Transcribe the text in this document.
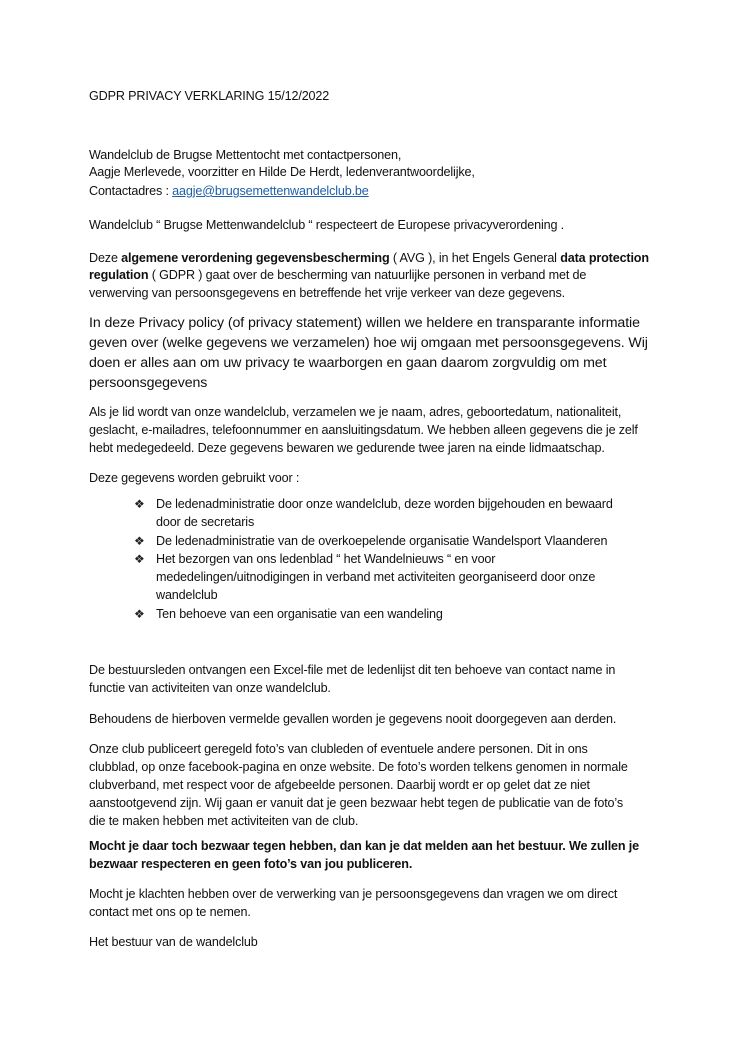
GDPR PRIVACY VERKLARING 15/12/2022
Wandelclub de Brugse Mettentocht met contactpersonen,
Aagje Merlevede, voorzitter en Hilde De Herdt, ledenverantwoordelijke,
Contactadres : aagje@brugsemettenwandelclub.be
Wandelclub “ Brugse Mettenwandelclub “ respecteert de Europese privacyverordening .
Deze algemene verordening gegevensbescherming ( AVG ), in het Engels General data protection
regulation ( GDPR ) gaat over de bescherming van natuurlijke personen in verband met de
verwerving van persoonsgegevens en betreffende het vrije verkeer van deze gegevens.
In deze Privacy policy (of privacy statement) willen we heldere en transparante informatie
geven over (welke gegevens we verzamelen) hoe wij omgaan met persoonsgegevens. Wij
doen er alles aan om uw privacy te waarborgen en gaan daarom zorgvuldig om met
persoonsgegevens
Als je lid wordt van onze wandelclub, verzamelen we je naam, adres, geboortedatum, nationaliteit,
geslacht, e-mailadres, telefoonnummer en aansluitingsdatum. We hebben alleen gegevens die je zelf
hebt medegedeeld. Deze gegevens bewaren we gedurende twee jaren na einde lidmaatschap.
Deze gegevens worden gebruikt voor :
❖ De ledenadministratie door onze wandelclub, deze worden bijgehouden en bewaard
door de secretaris
❖ De ledenadministratie van de overkoepelende organisatie Wandelsport Vlaanderen
❖ Het bezorgen van ons ledenblad “ het Wandelnieuws “ en voor
mededelingen/uitnodigingen in verband met activiteiten georganiseerd door onze
wandelclub
❖ Ten behoeve van een organisatie van een wandeling
De bestuursleden ontvangen een Excel-file met de ledenlijst dit ten behoeve van contact name in
functie van activiteiten van onze wandelclub.
Behoudens de hierboven vermelde gevallen worden je gegevens nooit doorgegeven aan derden.
Onze club publiceert geregeld foto’s van clubleden of eventuele andere personen. Dit in ons
clubblad, op onze facebook-pagina en onze website. De foto’s worden telkens genomen in normale
clubverband, met respect voor de afgebeelde personen. Daarbij wordt er op gelet dat ze niet
aanstootgevend zijn. Wij gaan er vanuit dat je geen bezwaar hebt tegen de publicatie van de foto’s
die te maken hebben met activiteiten van de club.
Mocht je daar toch bezwaar tegen hebben, dan kan je dat melden aan het bestuur. We zullen je
bezwaar respecteren en geen foto’s van jou publiceren.
Mocht je klachten hebben over de verwerking van je persoonsgegevens dan vragen we om direct
contact met ons op te nemen.
Het bestuur van de wandelclub
